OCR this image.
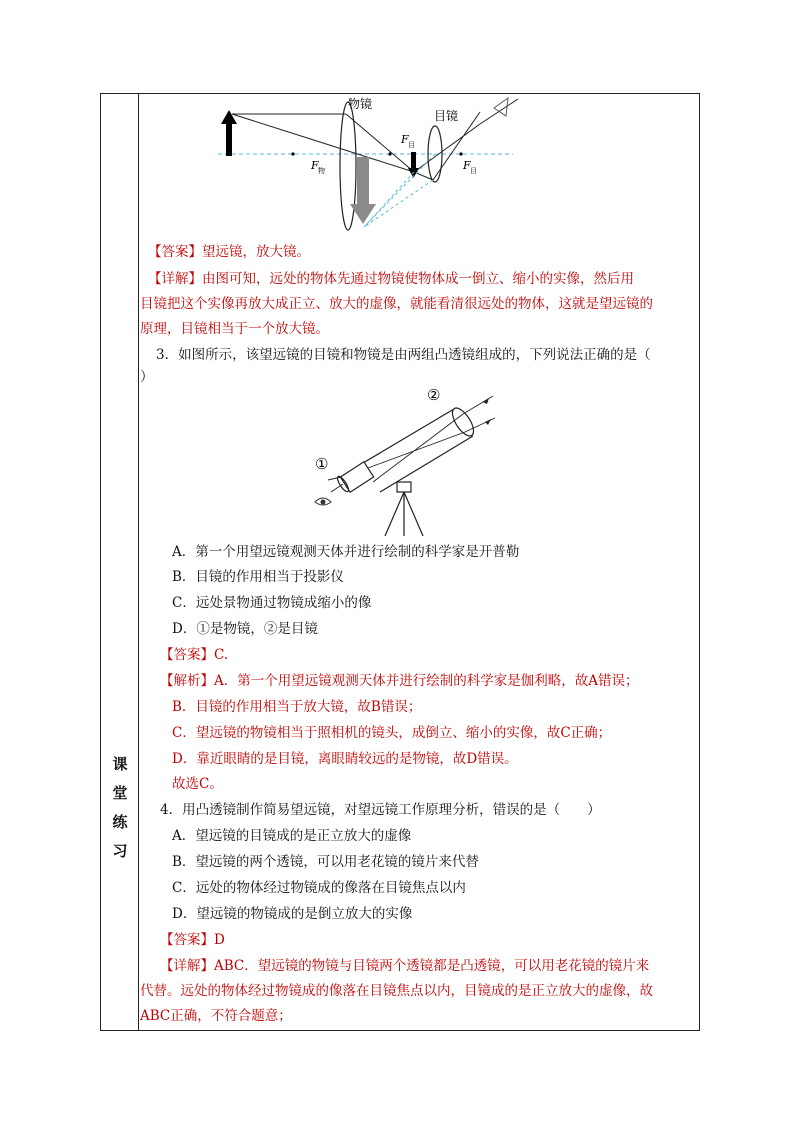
课
堂
练
习
物镜
目镜
F 物
F 目
F 目
【答案】望远镜，放大镜。
【详解】由图可知，远处的物体先通过物镜使物体成一倒立、缩小的实像，然后用
目镜把这个实像再放大成正立、放大的虚像，就能看清很远处的物体，这就是望远镜的
原理，目镜相当于一个放大镜。
3．如图所示，该望远镜的目镜和物镜是由两组凸透镜组成的，下列说法正确的是（
）
②
①
A．第一个用望远镜观测天体并进行绘制的科学家是开普勒
B．目镜的作用相当于投影仪
C．远处景物通过物镜成缩小的像
D．①是物镜，②是目镜
【答案】C.
【解析】A．第一个用望远镜观测天体并进行绘制的科学家是伽利略，故A错误；
B．目镜的作用相当于放大镜，故B错误；
C．望远镜的物镜相当于照相机的镜头，成倒立、缩小的实像，故C正确；
D．靠近眼睛的是目镜，离眼睛较远的是物镜，故D错误。
故选C。
4．用凸透镜制作简易望远镜，对望远镜工作原理分析，错误的是（　　）
A．望远镜的目镜成的是正立放大的虚像
B．望远镜的两个透镜，可以用老花镜的镜片来代替
C．远处的物体经过物镜成的像落在目镜焦点以内
D．望远镜的物镜成的是倒立放大的实像
【答案】D
【详解】ABC．望远镜的物镜与目镜两个透镜都是凸透镜，可以用老花镜的镜片来
代替。远处的物体经过物镜成的像落在目镜焦点以内，目镜成的是正立放大的虚像，故
ABC正确，不符合题意；
